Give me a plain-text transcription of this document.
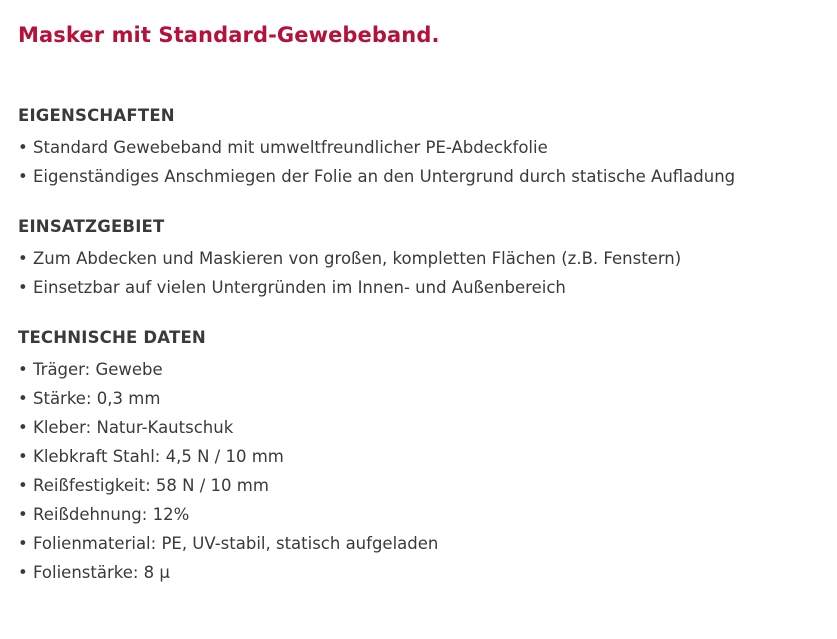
Masker mit Standard-Gewebeband.
EIGENSCHAFTEN
• Standard Gewebeband mit umweltfreundlicher PE-Abdeckfolie
• Eigenständiges Anschmiegen der Folie an den Untergrund durch statische Aufladung
EINSATZGEBIET
• Zum Abdecken und Maskieren von großen, kompletten Flächen (z.B. Fenstern)
• Einsetzbar auf vielen Untergründen im Innen- und Außenbereich
TECHNISCHE DATEN
• Träger: Gewebe
• Stärke: 0,3 mm
• Kleber: Natur-Kautschuk
• Klebkraft Stahl: 4,5 N / 10 mm
• Reißfestigkeit: 58 N / 10 mm
• Reißdehnung: 12%
• Folienmaterial: PE, UV-stabil, statisch aufgeladen
• Folienstärke: 8 µ
